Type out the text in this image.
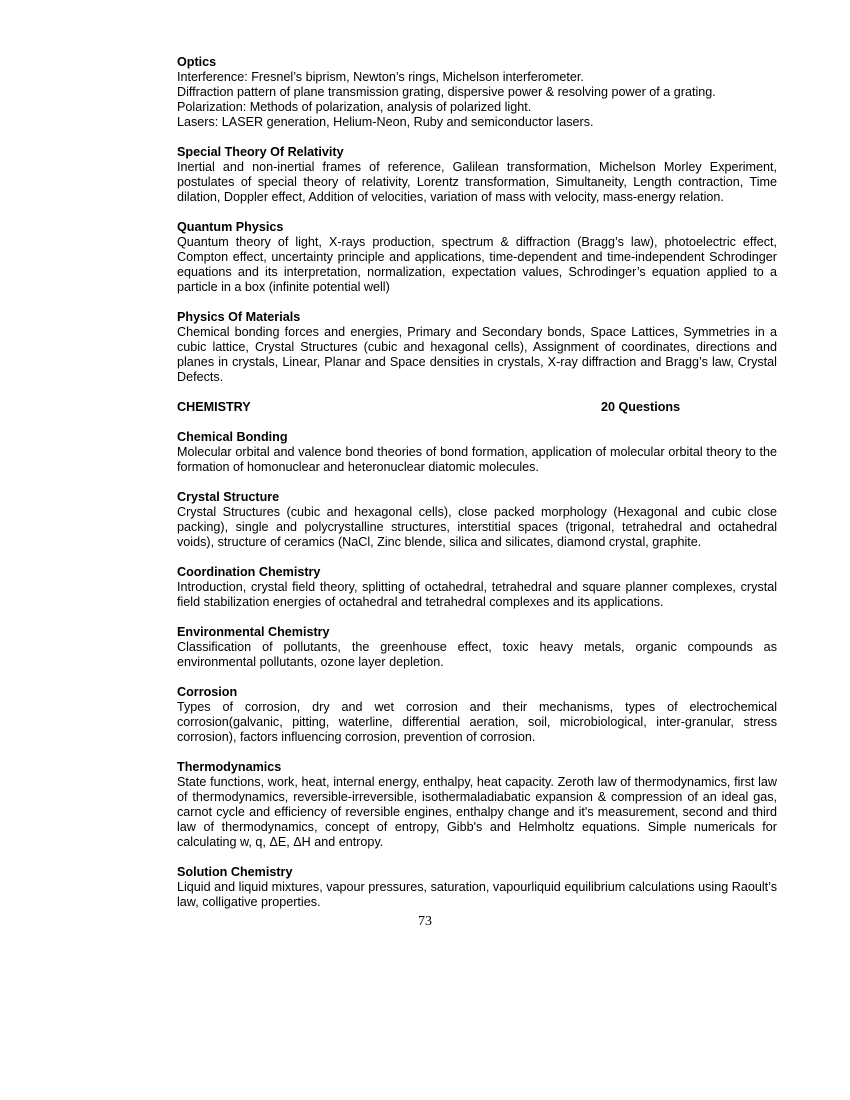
Optics
Interference: Fresnel’s biprism, Newton’s rings, Michelson interferometer.
Diffraction pattern of plane transmission grating, dispersive power & resolving power of a grating.
Polarization: Methods of polarization, analysis of polarized light.
Lasers: LASER generation, Helium-Neon, Ruby and semiconductor lasers.
Special Theory Of Relativity
Inertial and non-inertial frames of reference, Galilean transformation, Michelson Morley Experiment, postulates of special theory of relativity, Lorentz transformation, Simultaneity, Length contraction, Time dilation, Doppler effect, Addition of velocities, variation of mass with velocity, mass-energy relation.
Quantum Physics
Quantum theory of light, X-rays production, spectrum & diffraction (Bragg’s law), photoelectric effect, Compton effect, uncertainty principle and applications, time-dependent and time-independent Schrodinger equations and its interpretation, normalization, expectation values, Schrodinger’s equation applied to a particle in a box (infinite potential well)
Physics Of Materials
Chemical bonding forces and energies, Primary and Secondary bonds, Space Lattices, Symmetries in a cubic lattice, Crystal Structures (cubic and hexagonal cells), Assignment of coordinates, directions and planes in crystals, Linear, Planar and Space densities in crystals, X-ray diffraction and Bragg’s law, Crystal Defects.
CHEMISTRY	20 Questions
Chemical Bonding
Molecular orbital and valence bond theories of bond formation, application of molecular orbital theory to the formation of homonuclear and heteronuclear diatomic molecules.
Crystal Structure
Crystal Structures (cubic and hexagonal cells), close packed morphology (Hexagonal and cubic close packing), single and polycrystalline structures, interstitial spaces (trigonal, tetrahedral and octahedral voids), structure of ceramics (NaCl, Zinc blende, silica and silicates, diamond crystal, graphite.
Coordination Chemistry
Introduction, crystal field theory, splitting of octahedral, tetrahedral and square planner complexes, crystal field stabilization energies of octahedral and tetrahedral complexes and its applications.
Environmental Chemistry
Classification of pollutants, the greenhouse effect, toxic heavy metals, organic compounds as environmental pollutants, ozone layer depletion.
Corrosion
Types of corrosion, dry and wet corrosion and their mechanisms, types of electrochemical corrosion(galvanic, pitting, waterline, differential aeration, soil, microbiological, inter-granular, stress corrosion), factors influencing corrosion, prevention of corrosion.
Thermodynamics
State functions, work, heat, internal energy, enthalpy, heat capacity. Zeroth law of thermodynamics, first law of thermodynamics, reversible-irreversible, isothermaladiabatic expansion & compression of an ideal gas, carnot cycle and efficiency of reversible engines, enthalpy change and it's measurement, second and third law of thermodynamics, concept of entropy, Gibb's and Helmholtz equations. Simple numericals for calculating w, q, ΔE, ΔH and entropy.
Solution Chemistry
Liquid and liquid mixtures, vapour pressures, saturation, vapourliquid equilibrium calculations using Raoult’s law, colligative properties.
73
